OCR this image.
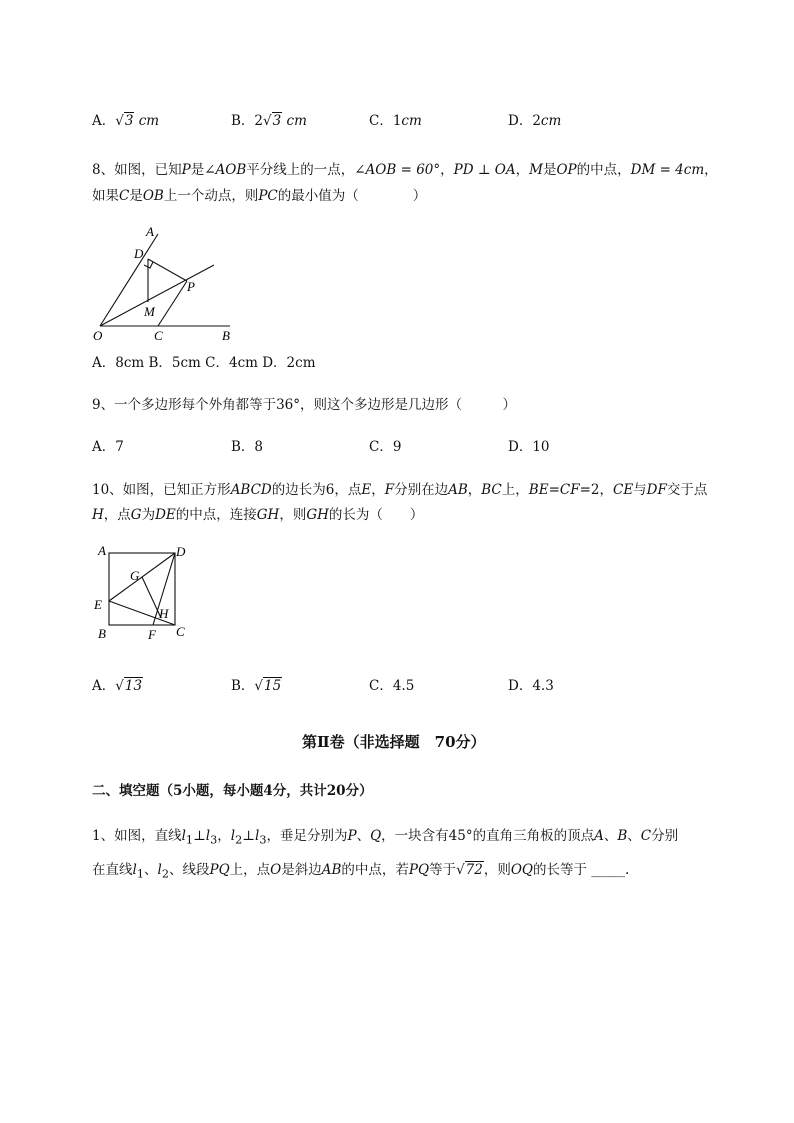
A．√3 cm	B．2√3 cm	C．1cm	D．2cm
8、如图，已知P是∠AOB平分线上的一点，∠AOB = 60°，PD ⊥ OA，M是OP的中点，DM = 4cm，
如果C是OB上一个动点，则PC的最小值为（　　　　）
A
D
P
M
O	C	B
A．8cm B．5cm C．4cm D．2cm
9、一个多边形每个外角都等于36°，则这个多边形是几边形（　　　）
A．7	B．8	C．9	D．10
10、如图，已知正方形ABCD的边长为6，点E，F分别在边AB，BC上，BE=CF=2，CE与DF交于点
H，点G为DE的中点，连接GH，则GH的长为（　　）
A	D
G
E
H
B	F C
A．√13	B．√15	C．4.5	D．4.3
第Ⅱ卷（非选择题　70分）
二、填空题（5小题，每小题4分，共计20分）
1、如图，直线$l_1\perp l_3$，$l_2\perp l_3$，垂足分别为P、Q，一块含有45°的直角三角板的顶点A、B、C分别
在直线$l_1$、$l_2$、线段PQ上，点O是斜边AB的中点，若PQ等于√72，则OQ的长等于 _____.
